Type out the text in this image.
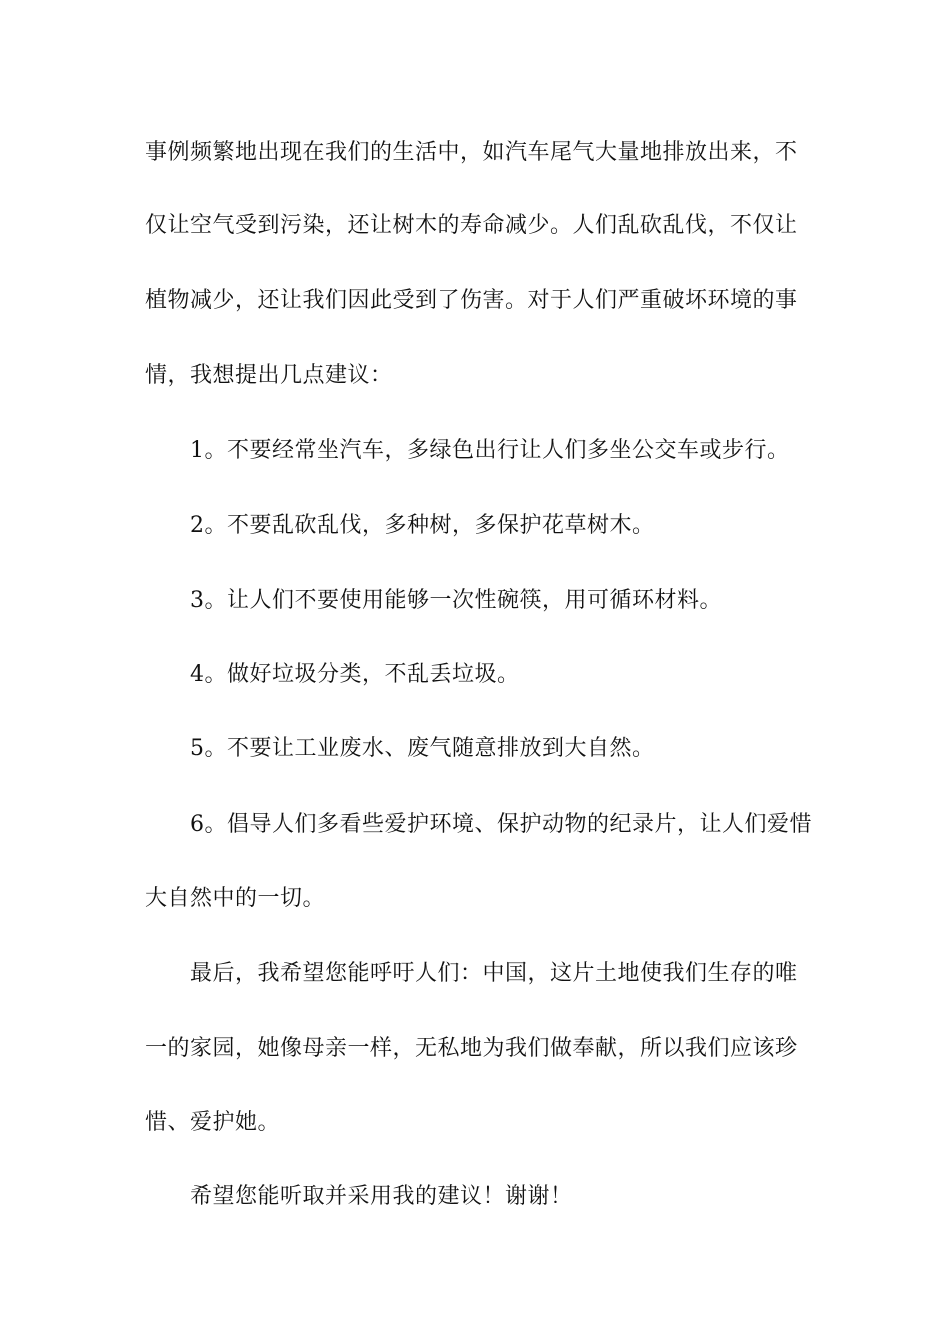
事例频繁地出现在我们的生活中，如汽车尾气大量地排放出来，不
仅让空气受到污染，还让树木的寿命减少。人们乱砍乱伐，不仅让
植物减少，还让我们因此受到了伤害。对于人们严重破坏环境的事
情，我想提出几点建议：
1。不要经常坐汽车，多绿色出行让人们多坐公交车或步行。
2。不要乱砍乱伐，多种树，多保护花草树木。
3。让人们不要使用能够一次性碗筷，用可循环材料。
4。做好垃圾分类，不乱丢垃圾。
5。不要让工业废水、废气随意排放到大自然。
6。倡导人们多看些爱护环境、保护动物的纪录片，让人们爱惜
大自然中的一切。
最后，我希望您能呼吁人们：中国，这片土地使我们生存的唯
一的家园，她像母亲一样，无私地为我们做奉献，所以我们应该珍
惜、爱护她。
希望您能听取并采用我的建议！谢谢！
